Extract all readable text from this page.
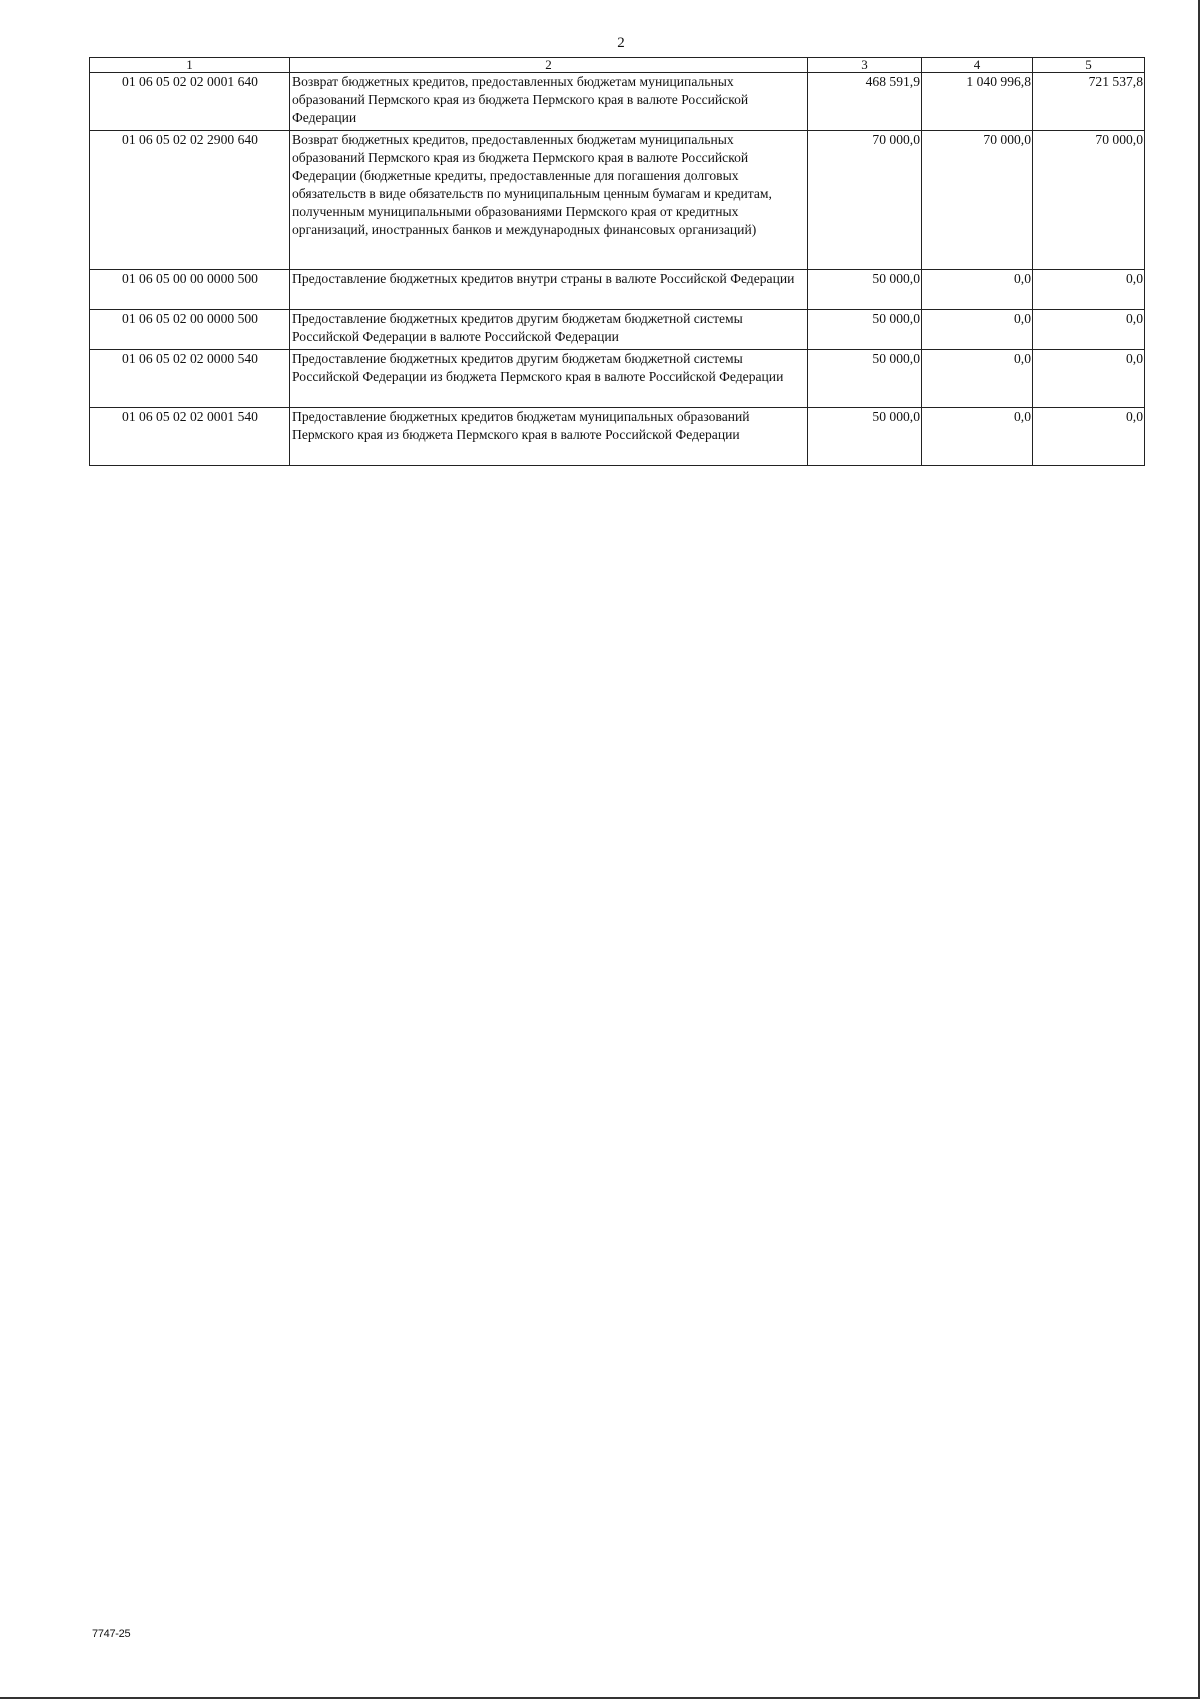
2
1	2	3	4	5
01 06 05 02 02 0001 640	Возврат бюджетных кредитов, предоставленных бюджетам муниципальных образований Пермского края из бюджета Пермского края в валюте Российской Федерации	468 591,9	1 040 996,8	721 537,8
01 06 05 02 02 2900 640	Возврат бюджетных кредитов, предоставленных бюджетам муниципальных образований Пермского края из бюджета Пермского края в валюте Российской Федерации (бюджетные кредиты, предоставленные для погашения долговых обязательств в виде обязательств по муниципальным ценным бумагам и кредитам, полученным муниципальными образованиями Пермского края от кредитных организаций, иностранных банков и международных финансовых организаций)	70 000,0	70 000,0	70 000,0
01 06 05 00 00 0000 500	Предоставление бюджетных кредитов внутри страны в валюте Российской Федерации	50 000,0	0,0	0,0
01 06 05 02 00 0000 500	Предоставление бюджетных кредитов другим бюджетам бюджетной системы Российской Федерации в валюте Российской Федерации	50 000,0	0,0	0,0
01 06 05 02 02 0000 540	Предоставление бюджетных кредитов другим бюджетам бюджетной системы Российской Федерации из бюджета Пермского края в валюте Российской Федерации	50 000,0	0,0	0,0
01 06 05 02 02 0001 540	Предоставление бюджетных кредитов бюджетам муниципальных образований Пермского края из бюджета Пермского края в валюте Российской Федерации	50 000,0	0,0	0,0
7747-25
